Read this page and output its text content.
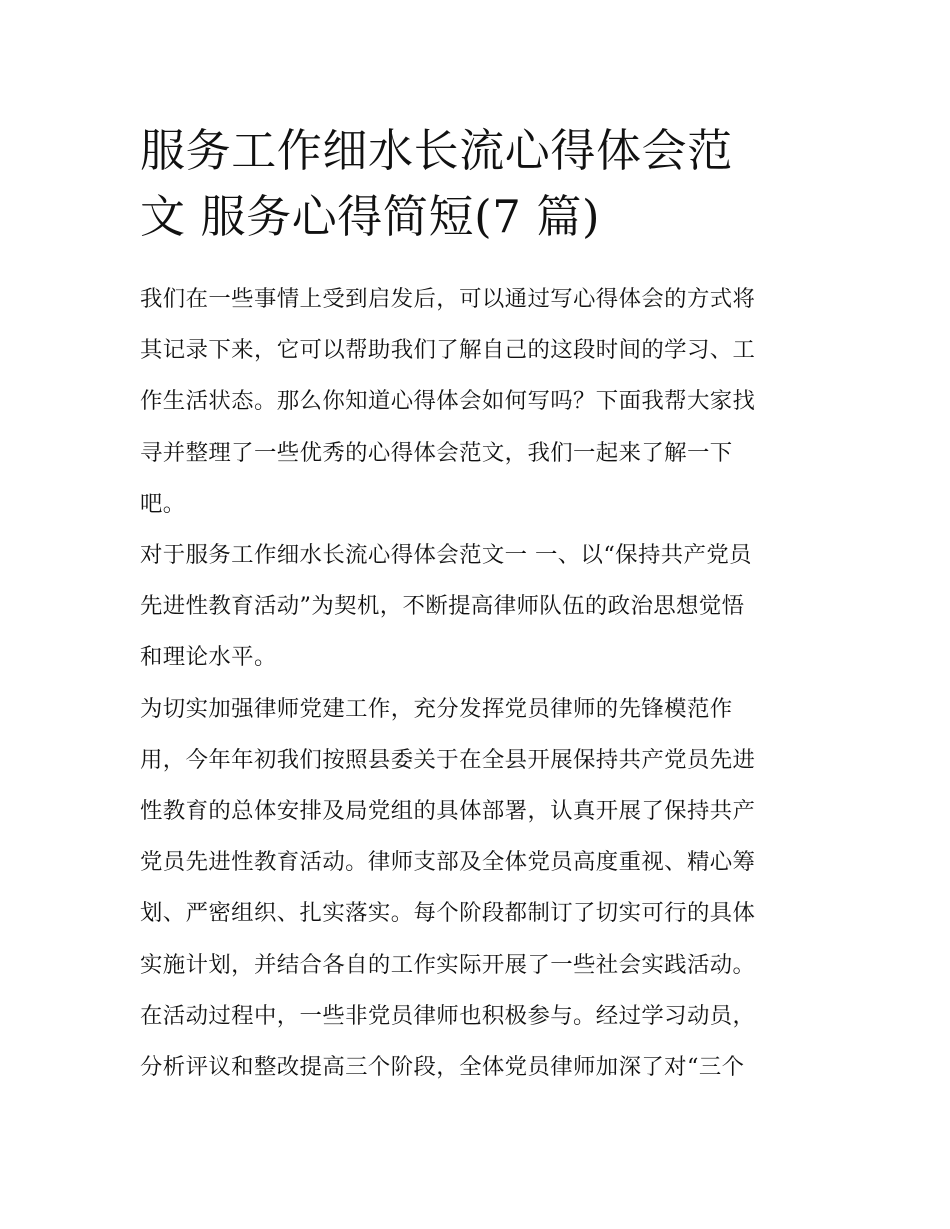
服务工作细水长流心得体会范
文 服务心得简短(7 篇)

我们在一些事情上受到启发后，可以通过写心得体会的方式将
其记录下来，它可以帮助我们了解自己的这段时间的学习、工
作生活状态。那么你知道心得体会如何写吗？下面我帮大家找
寻并整理了一些优秀的心得体会范文，我们一起来了解一下
吧。

对于服务工作细水长流心得体会范文一 一、以“保持共产党员
先进性教育活动”为契机，不断提高律师队伍的政治思想觉悟
和理论水平。

为切实加强律师党建工作，充分发挥党员律师的先锋模范作
用，今年年初我们按照县委关于在全县开展保持共产党员先进
性教育的总体安排及局党组的具体部署，认真开展了保持共产
党员先进性教育活动。律师支部及全体党员高度重视、精心筹
划、严密组织、扎实落实。每个阶段都制订了切实可行的具体
实施计划，并结合各自的工作实际开展了一些社会实践活动。
在活动过程中，一些非党员律师也积极参与。经过学习动员，
分析评议和整改提高三个阶段，全体党员律师加深了对“三个
